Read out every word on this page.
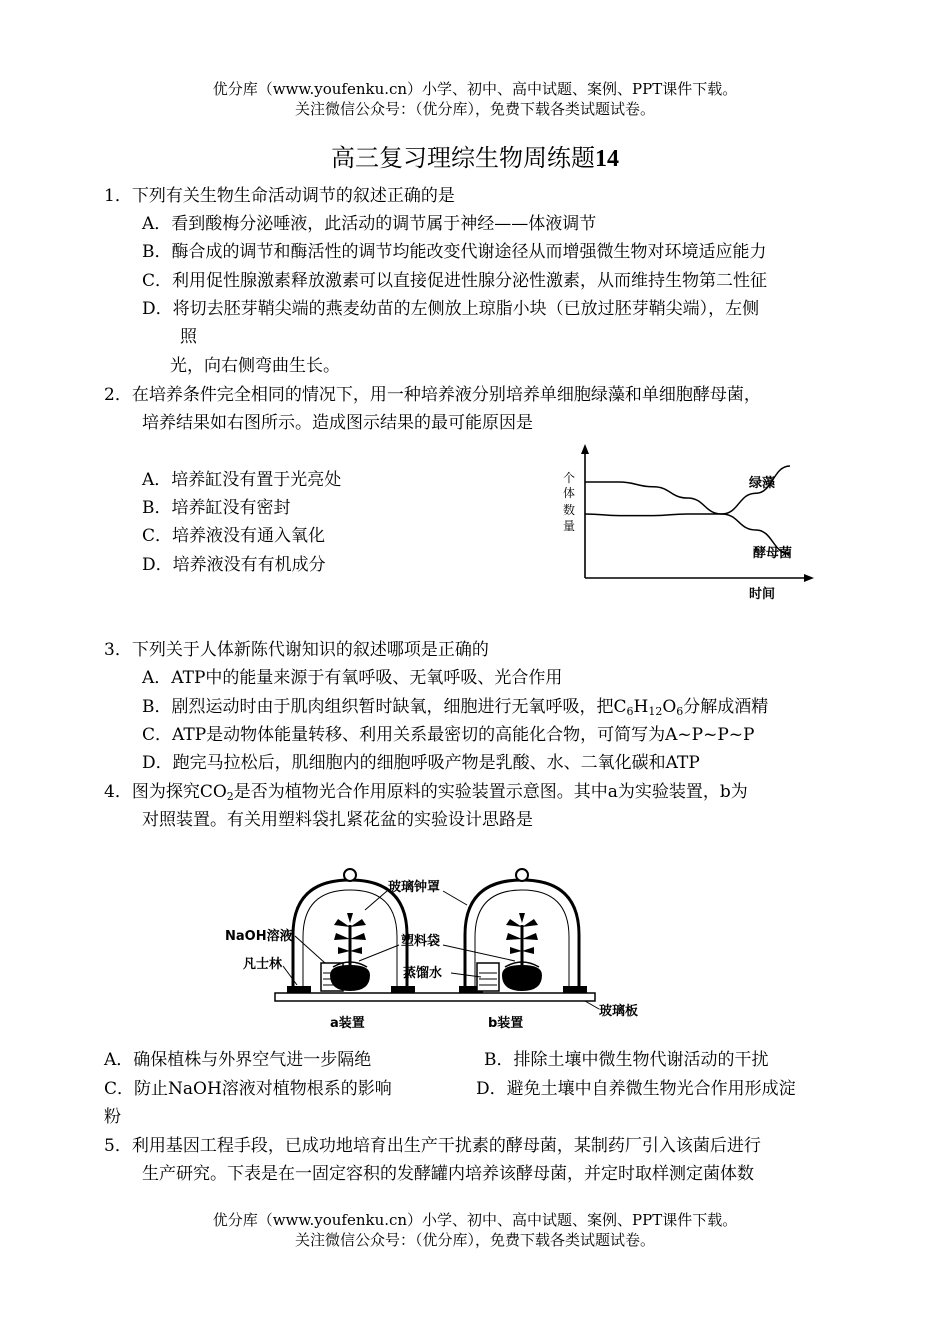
优分库（www.youfenku.cn）小学、初中、高中试题、案例、PPT课件下载。
关注微信公众号：（优分库），免费下载各类试题试卷。
高三复习理综生物周练题14
1．下列有关生物生命活动调节的叙述正确的是
A．看到酸梅分泌唾液，此活动的调节属于神经——体液调节
B．酶合成的调节和酶活性的调节均能改变代谢途径从而增强微生物对环境适应能力
C．利用促性腺激素释放激素可以直接促进性腺分泌性激素，从而维持生物第二性征
D．将切去胚芽鞘尖端的燕麦幼苗的左侧放上琼脂小块（已放过胚芽鞘尖端），左侧
照
光，向右侧弯曲生长。
2．在培养条件完全相同的情况下，用一种培养液分别培养单细胞绿藻和单细胞酵母菌，
培养结果如右图所示。造成图示结果的最可能原因是
A．培养缸没有置于光亮处
B．培养缸没有密封
C．培养液没有通入氧化
D．培养液没有有机成分
个
体
数
量
时间
绿藻
酵母菌
3．下列关于人体新陈代谢知识的叙述哪项是正确的
A．ATP中的能量来源于有氧呼吸、无氧呼吸、光合作用
B．剧烈运动时由于肌肉组织暂时缺氧，细胞进行无氧呼吸，把C6H12O6分解成酒精
C．ATP是动物体能量转移、利用关系最密切的高能化合物，可简写为A~P~P~P
D．跑完马拉松后，肌细胞内的细胞呼吸产物是乳酸、水、二氧化碳和ATP
4．图为探究CO2是否为植物光合作用原料的实验装置示意图。其中a为实验装置，b为
对照装置。有关用塑料袋扎紧花盆的实验设计思路是
玻璃钟罩
NaOH溶液	塑料袋
凡士林
蒸馏水
玻璃板
a装置	b装置
A．确保植株与外界空气进一步隔绝	B．排除土壤中微生物代谢活动的干扰
C．防止NaOH溶液对植物根系的影响	D．避免土壤中自养微生物光合作用形成淀
粉
5．利用基因工程手段，已成功地培育出生产干扰素的酵母菌，某制药厂引入该菌后进行
生产研究。下表是在一固定容积的发酵罐内培养该酵母菌，并定时取样测定菌体数
优分库（www.youfenku.cn）小学、初中、高中试题、案例、PPT课件下载。
关注微信公众号：（优分库），免费下载各类试题试卷。
